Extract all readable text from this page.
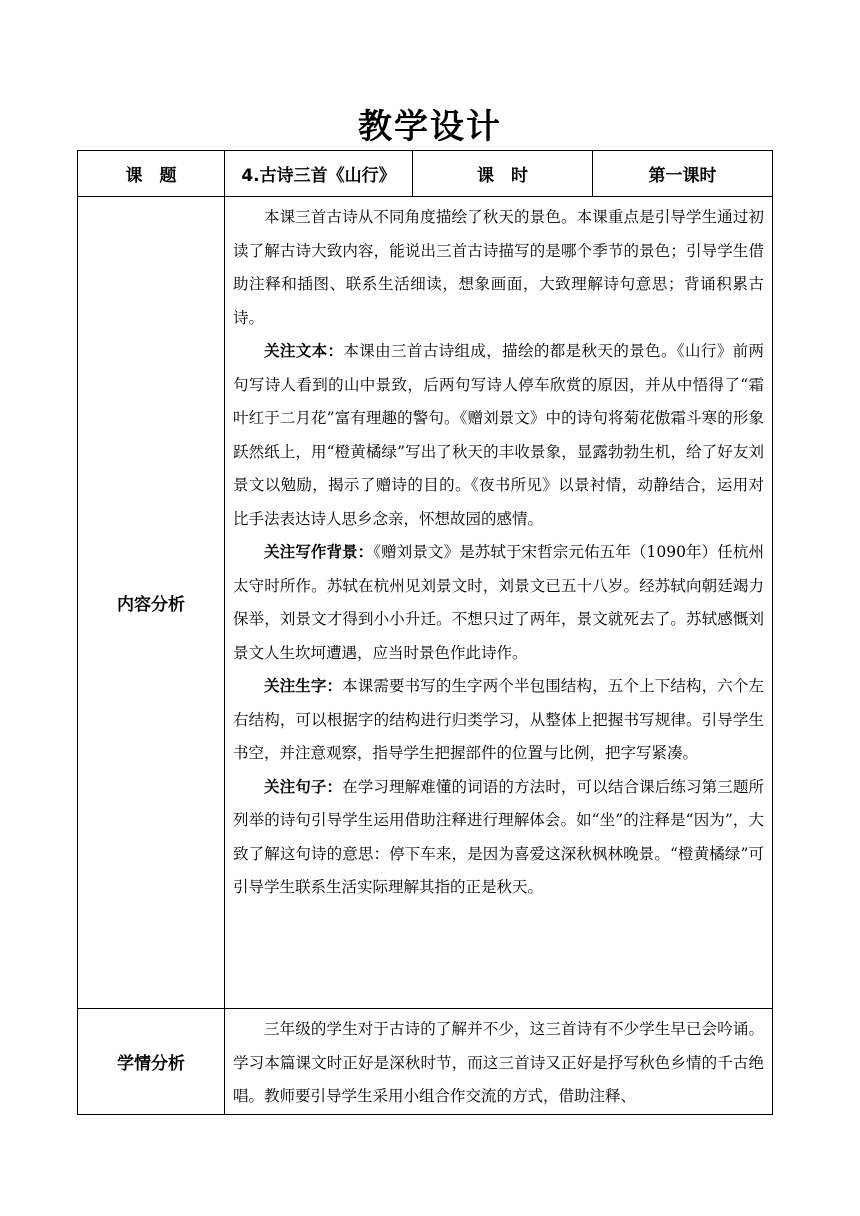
教学设计
课　题	4.古诗三首《山行》	课　时	第一课时
内容分析	本课三首古诗从不同角度描绘了秋天的景色。本课重点是引导学生通过初读了解古诗大致内容，能说出三首古诗描写的是哪个季节的景色；引导学生借助注释和插图、联系生活细读，想象画面，大致理解诗句意思；背诵积累古诗。

关注文本：本课由三首古诗组成，描绘的都是秋天的景色。《山行》前两句写诗人看到的山中景致，后两句写诗人停车欣赏的原因，并从中悟得了“霜叶红于二月花”富有理趣的警句。《赠刘景文》中的诗句将菊花傲霜斗寒的形象跃然纸上，用“橙黄橘绿”写出了秋天的丰收景象，显露勃勃生机，给了好友刘景文以勉励，揭示了赠诗的目的。《夜书所见》以景衬情，动静结合，运用对比手法表达诗人思乡念亲，怀想故园的感情。

关注写作背景：《赠刘景文》是苏轼于宋哲宗元佑五年（1090年）任杭州太守时所作。苏轼在杭州见刘景文时，刘景文已五十八岁。经苏轼向朝廷竭力保举，刘景文才得到小小升迁。不想只过了两年，景文就死去了。苏轼感慨刘景文人生坎坷遭遇，应当时景色作此诗作。

关注生字：本课需要书写的生字两个半包围结构，五个上下结构，六个左右结构，可以根据字的结构进行归类学习，从整体上把握书写规律。引导学生书空，并注意观察，指导学生把握部件的位置与比例，把字写紧凑。

关注句子：在学习理解难懂的词语的方法时，可以结合课后练习第三题所列举的诗句引导学生运用借助注释进行理解体会。如“坐”的注释是“因为”，大致了解这句诗的意思：停下车来，是因为喜爱这深秋枫林晚景。“橙黄橘绿”可引导学生联系生活实际理解其指的正是秋天。		

学情分析	三年级的学生对于古诗的了解并不少，这三首诗有不少学生早已会吟诵。学习本篇课文时正好是深秋时节，而这三首诗又正好是抒写秋色乡情的千古绝唱。教师要引导学生采用小组合作交流的方式，借助注释、		
